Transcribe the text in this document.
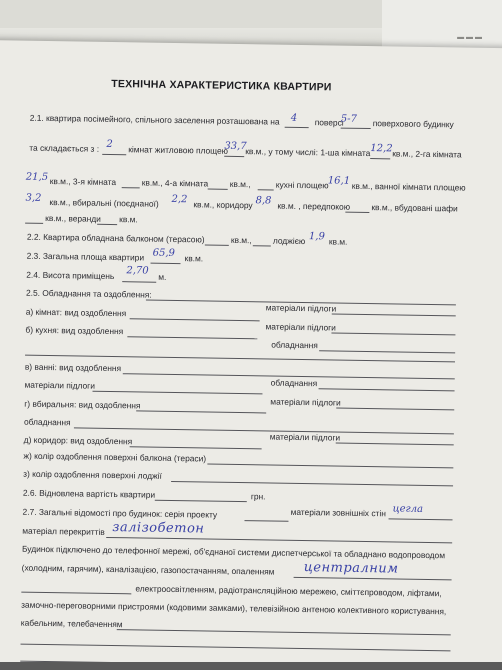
▬ ▬ ▬
ТЕХНІЧНА ХАРАКТЕРИСТИКА КВАРТИРИ
2.1. квартира посімейного, спільного заселення розташована на 4 поверсі
5-7 поверхового будинку
та складається з : 2 кімнат житловою площею
33,7
кв.м., у тому числі: 1-ша кімната 12,2 кв.м., 2-га кімната
21,5 кв.м., 3-я кімната	кв.м., 4-а кімната	кв.м.,	кухні площею 16,1 кв.м., ванної кімнати площею
3,2 кв.м., вбиральні (поєднаної) 2,2 кв.м., коридору 8,8 кв.м. , передпокою	кв.м., вбудовані шафи
кв.м., веранди кв.м.
2.2. Квартира обладнана балконом (терасою)	кв.м., лоджією 1,9 кв.м.
2.3. Загальна площа квартири 65,9 кв.м.
2.4. Висота приміщень 2,70
м.
2.5. Обладнання та оздоблення:
матеріали підлоги
а) кімнат: вид оздоблення
б) кухня: вид оздоблення	матеріали підлоги
обладнання
в) ванні: вид оздоблення
обладнання
матеріали підлоги
г) вбиральня: вид оздоблення	матеріали підлоги
обладнання
матеріали підлоги
д) коридор: вид оздоблення
ж) колір оздоблення поверхні балкона (тераси)
з) колір оздоблення поверхні лоджії
2.6. Відновлена вартість квартири	грн.
2.7. Загальні відомості про будинок: серія проекту	матеріали зовнішніх стін цегла
матеріал перекриттів залізобетон
Будинок підключено до телефонної мережі, об'єднаної системи диспетчерської та обладнано водопроводом
(холодним, гарячим), каналізацією, газопостачанням, опаленням централним
електроосвітленням, радіотрансляційною мережею, сміттєпроводом, ліфтами,
замочно-переговорними пристроями (кодовими замками), телевізійною антеною колективного користування,
кабельним, телебаченням
